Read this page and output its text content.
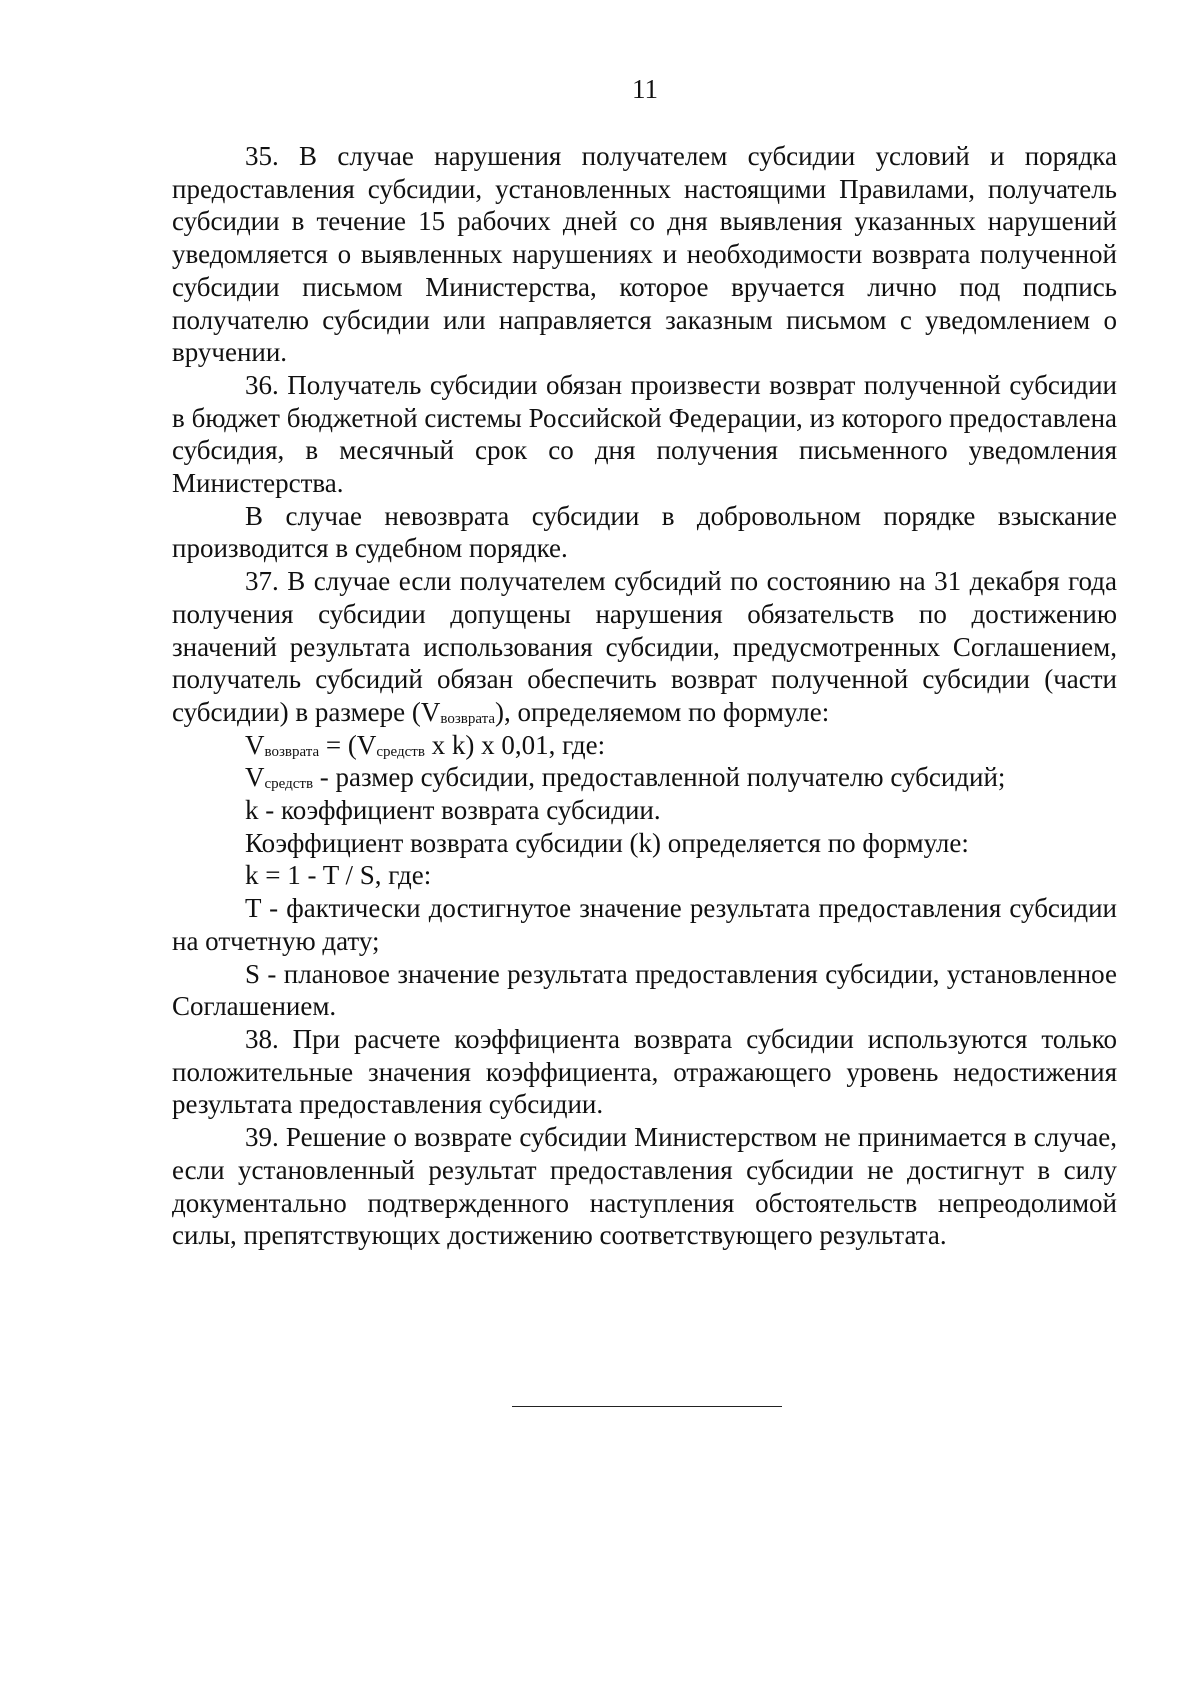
11

35. В случае нарушения получателем субсидии условий и порядка предоставления субсидии, установленных настоящими Правилами, получатель субсидии в течение 15 рабочих дней со дня выявления указанных нарушений уведомляется о выявленных нарушениях и необходимости возврата полученной субсидии письмом Министерства, которое вручается лично под подпись получателю субсидии или направляется заказным письмом с уведомлением о вручении.

36. Получатель субсидии обязан произвести возврат полученной субсидии в бюджет бюджетной системы Российской Федерации, из которого предоставлена субсидия, в месячный срок со дня получения письменного уведомления Министерства.

В случае невозврата субсидии в добровольном порядке взыскание производится в судебном порядке.

37. В случае если получателем субсидий по состоянию на 31 декабря года получения субсидии допущены нарушения обязательств по достижению значений результата использования субсидии, предусмотренных Соглашением, получатель субсидий обязан обеспечить возврат полученной субсидии (части субсидии) в размере $(V_{возврата})$, определяемом по формуле:

$V_{возврата} = (V_{средств}$ x k) x 0,01, где:

$V_{средств}$ - размер субсидии, предоставленной получателю субсидий;

k - коэффициент возврата субсидии.

Коэффициент возврата субсидии (k) определяется по формуле:

k = 1 - T / S, где:

T - фактически достигнутое значение результата предоставления субсидии на отчетную дату;

S - плановое значение результата предоставления субсидии, установленное Соглашением.

38. При расчете коэффициента возврата субсидии используются только положительные значения коэффициента, отражающего уровень недостижения результата предоставления субсидии.

39. Решение о возврате субсидии Министерством не принимается в случае, если установленный результат предоставления субсидии не достигнут в силу документально подтвержденного наступления обстоятельств непреодолимой силы, препятствующих достижению соответствующего результата.
